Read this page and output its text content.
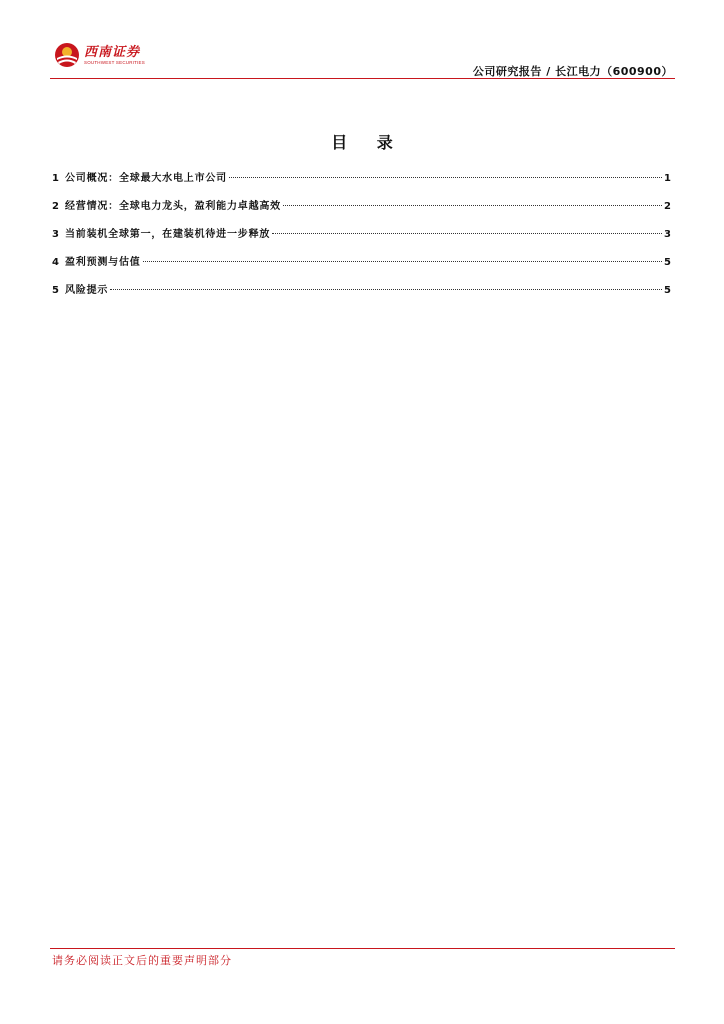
西南证券
SOUTHWEST SECURITIES
公司研究报告 / 长江电力（600900）
目 录
1 公司概况：全球最大水电上市公司	1
2 经营情况：全球电力龙头，盈利能力卓越高效	2
3 当前装机全球第一，在建装机待进一步释放	3
4 盈利预测与估值	5
5 风险提示	5
请务必阅读正文后的重要声明部分
